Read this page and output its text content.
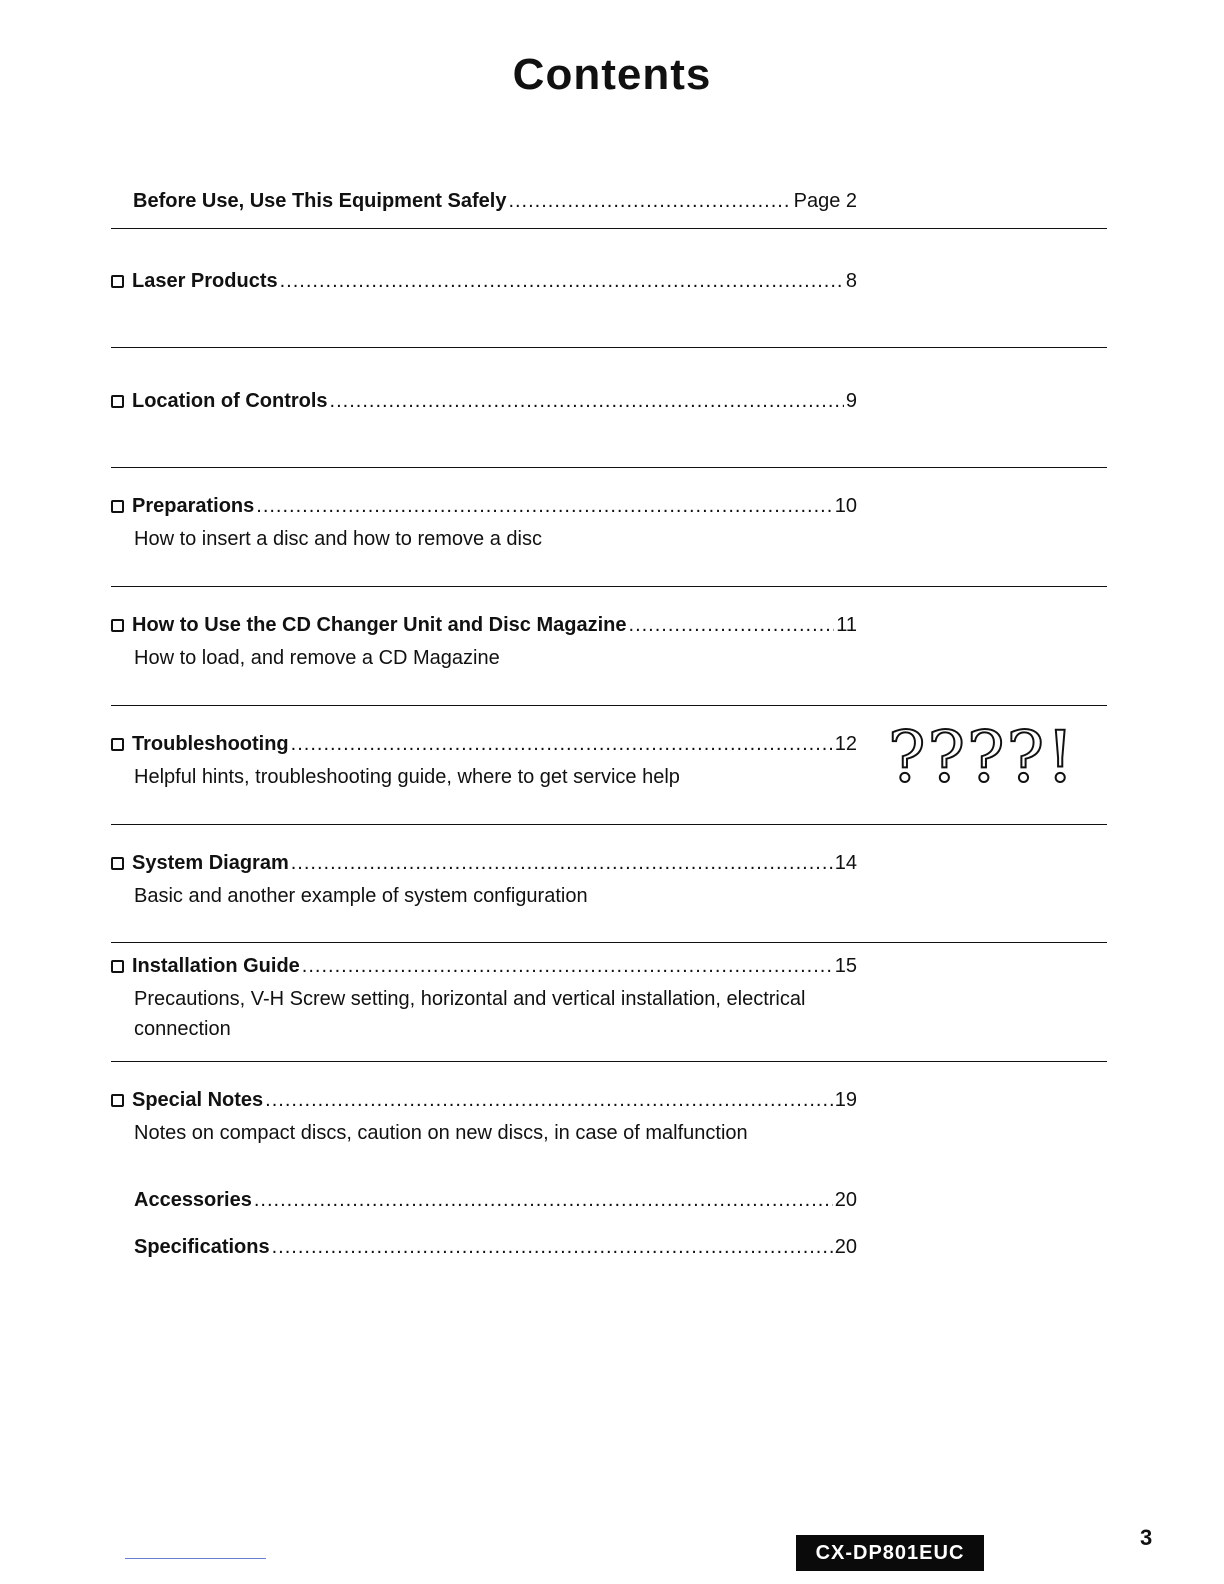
Contents
Before Use, Use This Equipment Safely .....	Page 2
Laser Products .....	8
Location of Controls .....	9
Preparations .....	10
How to insert a disc and how to remove a disc
How to Use the CD Changer Unit and Disc Magazine .....	11
How to load, and remove a CD Magazine
Troubleshooting .....	12
Helpful hints, troubleshooting guide, where to get service help	????!
System Diagram .....	14
Basic and another example of system configuration
Installation Guide .....	15
Precautions, V-H Screw setting, horizontal and vertical installation, electrical connection
Special Notes .....	19
Notes on compact discs, caution on new discs, in case of malfunction
Accessories .....	20
Specifications .....	20
CX-DP801EUC
3
